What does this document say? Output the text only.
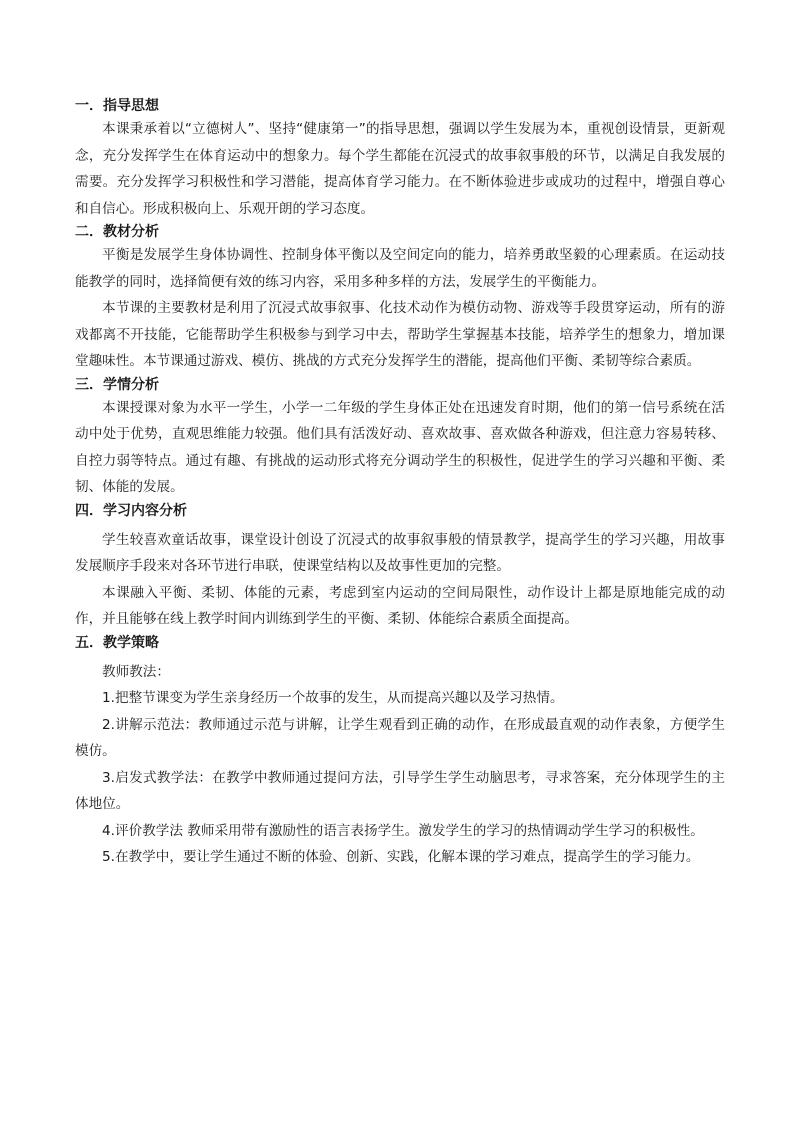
一．指导思想

本课秉承着以“立德树人”、坚持“健康第一”的指导思想，强调以学生发展为本，重视创设情景，更新观念，充分发挥学生在体育运动中的想象力。每个学生都能在沉浸式的故事叙事般的环节，以满足自我发展的需要。充分发挥学习积极性和学习潜能，提高体育学习能力。在不断体验进步或成功的过程中，增强自尊心和自信心。形成积极向上、乐观开朗的学习态度。

二．教材分析

平衡是发展学生身体协调性、控制身体平衡以及空间定向的能力，培养勇敢坚毅的心理素质。在运动技能教学的同时，选择简便有效的练习内容，采用多种多样的方法，发展学生的平衡能力。

本节课的主要教材是利用了沉浸式故事叙事、化技术动作为模仿动物、游戏等手段贯穿运动，所有的游戏都离不开技能，它能帮助学生积极参与到学习中去，帮助学生掌握基本技能，培养学生的想象力，增加课堂趣味性。本节课通过游戏、模仿、挑战的方式充分发挥学生的潜能，提高他们平衡、柔韧等综合素质。

三．学情分析

本课授课对象为水平一学生，小学一二年级的学生身体正处在迅速发育时期，他们的第一信号系统在活动中处于优势，直观思维能力较强。他们具有活泼好动、喜欢故事、喜欢做各种游戏，但注意力容易转移、自控力弱等特点。通过有趣、有挑战的运动形式将充分调动学生的积极性，促进学生的学习兴趣和平衡、柔韧、体能的发展。

四．学习内容分析

学生较喜欢童话故事，课堂设计创设了沉浸式的故事叙事般的情景教学，提高学生的学习兴趣，用故事发展顺序手段来对各环节进行串联，使课堂结构以及故事性更加的完整。

本课融入平衡、柔韧、体能的元素，考虑到室内运动的空间局限性，动作设计上都是原地能完成的动作，并且能够在线上教学时间内训练到学生的平衡、柔韧、体能综合素质全面提高。

五．教学策略

教师教法：

1.把整节课变为学生亲身经历一个故事的发生，从而提高兴趣以及学习热情。

2.讲解示范法：教师通过示范与讲解，让学生观看到正确的动作，在形成最直观的动作表象，方便学生模仿。

3.启发式教学法：在教学中教师通过提问方法，引导学生学生动脑思考，寻求答案，充分体现学生的主体地位。

4.评价教学法 教师采用带有激励性的语言表扬学生。激发学生的学习的热情调动学生学习的积极性。

5.在教学中，要让学生通过不断的体验、创新、实践，化解本课的学习难点，提高学生的学习能力。
